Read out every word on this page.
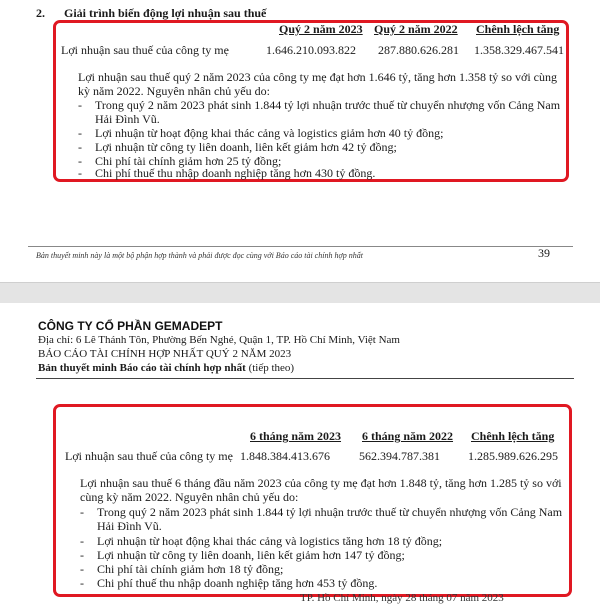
2. Giải trình biến động lợi nhuận sau thuế
Quý 2 năm 2023 Quý 2 năm 2022 Chênh lệch tăng
Lợi nhuận sau thuế của công ty mẹ	1.646.210.093.822 287.880.626.281 1.358.329.467.541
Lợi nhuận sau thuế quý 2 năm 2023 của công ty mẹ đạt hơn 1.646 tỷ, tăng hơn 1.358 tỷ so với cùng
kỳ năm 2022. Nguyên nhân chủ yếu do:
- Trong quý 2 năm 2023 phát sinh 1.844 tỷ lợi nhuận trước thuế từ chuyển nhượng vốn Cảng Nam
Hải Đình Vũ.
- Lợi nhuận từ hoạt động khai thác cảng và logistics giảm hơn 40 tỷ đồng;
- Lợi nhuận từ công ty liên doanh, liên kết giảm hơn 42 tỷ đồng;
- Chi phí tài chính giảm hơn 25 tỷ đồng;
- Chi phí thuế thu nhập doanh nghiệp tăng hơn 430 tỷ đồng.
Bản thuyết minh này là một bộ phận hợp thành và phải được đọc cùng với Báo cáo tài chính hợp nhất	39
CÔNG TY CỔ PHẦN GEMADEPT
Địa chỉ: 6 Lê Thánh Tôn, Phường Bến Nghé, Quận 1, TP. Hồ Chí Minh, Việt Nam
BÁO CÁO TÀI CHÍNH HỢP NHẤT QUÝ 2 NĂM 2023
Bản thuyết minh Báo cáo tài chính hợp nhất (tiếp theo)
6 tháng năm 2023 6 tháng năm 2022 Chênh lệch tăng
Lợi nhuận sau thuế của công ty mẹ 1.848.384.413.676 562.394.787.381 1.285.989.626.295
Lợi nhuận sau thuế 6 tháng đầu năm 2023 của công ty mẹ đạt hơn 1.848 tỷ, tăng hơn 1.285 tỷ so với
cùng kỳ năm 2022. Nguyên nhân chủ yếu do:
- Trong quý 2 năm 2023 phát sinh 1.844 tỷ lợi nhuận trước thuế từ chuyển nhượng vốn Cảng Nam
Hải Đình Vũ.
- Lợi nhuận từ hoạt động khai thác cảng và logistics tăng hơn 18 tỷ đồng;
- Lợi nhuận từ công ty liên doanh, liên kết giảm hơn 147 tỷ đồng;
- Chi phí tài chính giảm hơn 18 tỷ đồng;
- Chi phí thuế thu nhập doanh nghiệp tăng hơn 453 tỷ đồng.
TP. Hồ Chí Minh, ngày 28 tháng 07 năm 2023
